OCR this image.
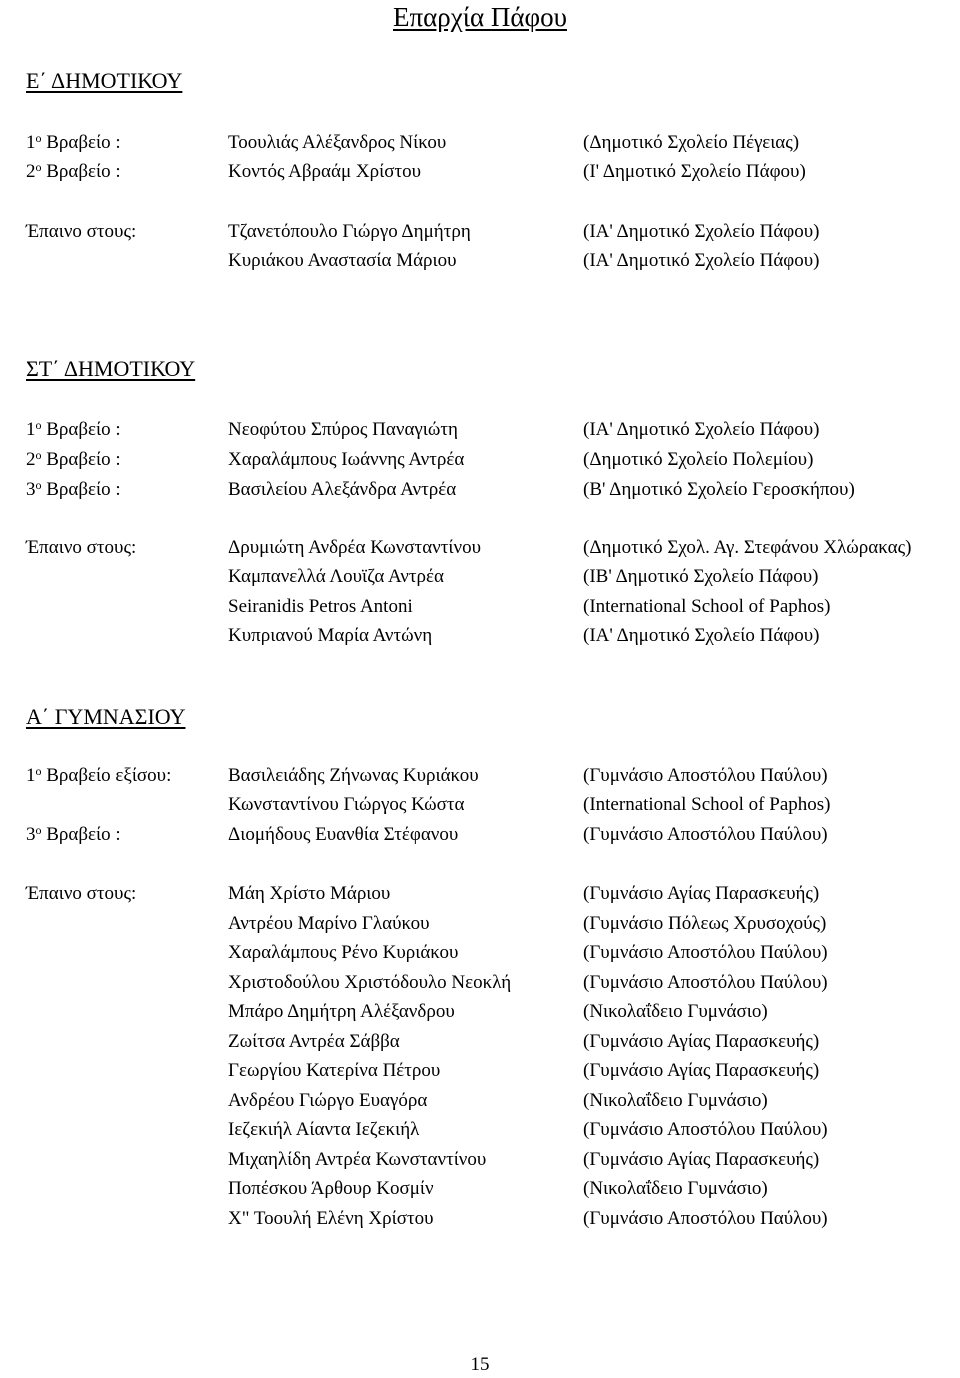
Επαρχία Πάφου
Ε΄ ΔΗΜΟΤΙΚΟΥ
$1^o$ Βραβείο :	Τοουλιάς Αλέξανδρος Νίκου	(Δημοτικό Σχολείο Πέγειας)
$2^o$ Βραβείο :	Κοντός Αβραάμ Χρίστου	(Ι' Δημοτικό Σχολείο Πάφου)
Έπαινο στους:	Τζανετόπουλο Γιώργο Δημήτρη	(ΙΑ' Δημοτικό Σχολείο Πάφου)
Κυριάκου Αναστασία Μάριου	(ΙΑ' Δημοτικό Σχολείο Πάφου)
ΣΤ΄ ΔΗΜΟΤΙΚΟΥ
$1^o$ Βραβείο :	Νεοφύτου Σπύρος Παναγιώτη	(ΙΑ' Δημοτικό Σχολείο Πάφου)
$2^o$ Βραβείο :	Χαραλάμπους Ιωάννης Αντρέα	(Δημοτικό Σχολείο Πολεμίου)
$3^o$ Βραβείο :	Βασιλείου Αλεξάνδρα Αντρέα	(Β' Δημοτικό Σχολείο Γεροσκήπου)
Έπαινο στους:	Δρυμιώτη Ανδρέα Κωνσταντίνου	(Δημοτικό Σχολ. Αγ. Στεφάνου Χλώρακας)
Καμπανελλά Λουϊζα Αντρέα	(ΙΒ' Δημοτικό Σχολείο Πάφου)
Seiranidis Petros Antoni	(International School of Paphos)
Κυπριανού Μαρία Αντώνη	(ΙΑ' Δημοτικό Σχολείο Πάφου)
Α΄ ΓΥΜΝΑΣΙΟΥ
$1^o$ Βραβείο εξίσου:	Βασιλειάδης Ζήνωνας Κυριάκου	(Γυμνάσιο Αποστόλου Παύλου)
Κωνσταντίνου Γιώργος Κώστα	(International School of Paphos)
$3^o$ Βραβείο :	Διομήδους Ευανθία Στέφανου	(Γυμνάσιο Αποστόλου Παύλου)
Έπαινο στους:	Μάη Χρίστο Μάριου	(Γυμνάσιο Αγίας Παρασκευής)
Αντρέου Μαρίνο Γλαύκου	(Γυμνάσιο Πόλεως Χρυσοχούς)
Χαραλάμπους Ρένο Κυριάκου	(Γυμνάσιο Αποστόλου Παύλου)
Χριστοδούλου Χριστόδουλο Νεοκλή	(Γυμνάσιο Αποστόλου Παύλου)
Μπάρο Δημήτρη Αλέξανδρου	(Νικολαΐδειο Γυμνάσιο)
Ζωίτσα Αντρέα Σάββα	(Γυμνάσιο Αγίας Παρασκευής)
Γεωργίου Κατερίνα Πέτρου	(Γυμνάσιο Αγίας Παρασκευής)
Ανδρέου Γιώργο Ευαγόρα	(Νικολαΐδειο Γυμνάσιο)
Ιεζεκιήλ Αίαντα Ιεζεκιήλ	(Γυμνάσιο Αποστόλου Παύλου)
Μιχαηλίδη Αντρέα Κωνσταντίνου	(Γυμνάσιο Αγίας Παρασκευής)
Ποπέσκου Άρθουρ Κοσμίν	(Νικολαΐδειο Γυμνάσιο)
Χ" Τοουλή Ελένη Χρίστου	(Γυμνάσιο Αποστόλου Παύλου)
15
